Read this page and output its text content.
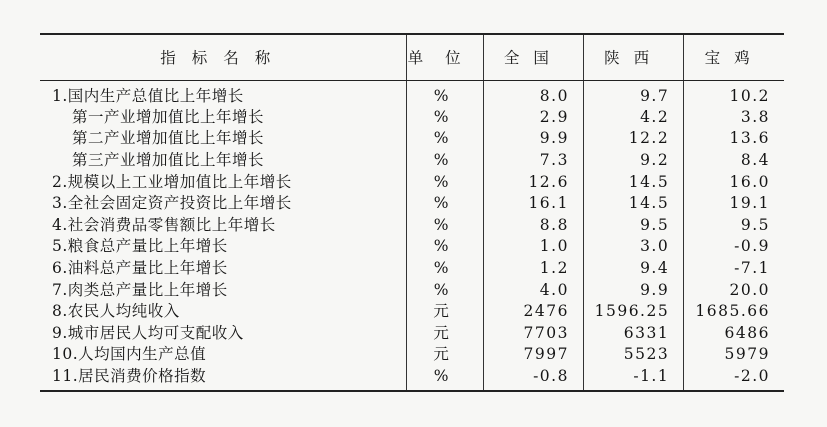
指标名称	单位	全国	陕西	宝鸡
1.国内生产总值比上年增长	%	8.0	9.7	10.2
第一产业增加值比上年增长	%	2.9	4.2	3.8
第二产业增加值比上年增长	%	9.9	12.2	13.6
第三产业增加值比上年增长	%	7.3	9.2	8.4
2.规模以上工业增加值比上年增长	%	12.6	14.5	16.0
3.全社会固定资产投资比上年增长	%	16.1	14.5	19.1
4.社会消费品零售额比上年增长	%	8.8	9.5	9.5
5.粮食总产量比上年增长	%	1.0	3.0	-0.9
6.油料总产量比上年增长	%	1.2	9.4	-7.1
7.肉类总产量比上年增长	%	4.0	9.9	20.0
8.农民人均纯收入	元	2476	1596.25	1685.66
9.城市居民人均可支配收入	元	7703	6331	6486
10.人均国内生产总值	元	7997	5523	5979
11.居民消费价格指数	%	-0.8	-1.1	-2.0
